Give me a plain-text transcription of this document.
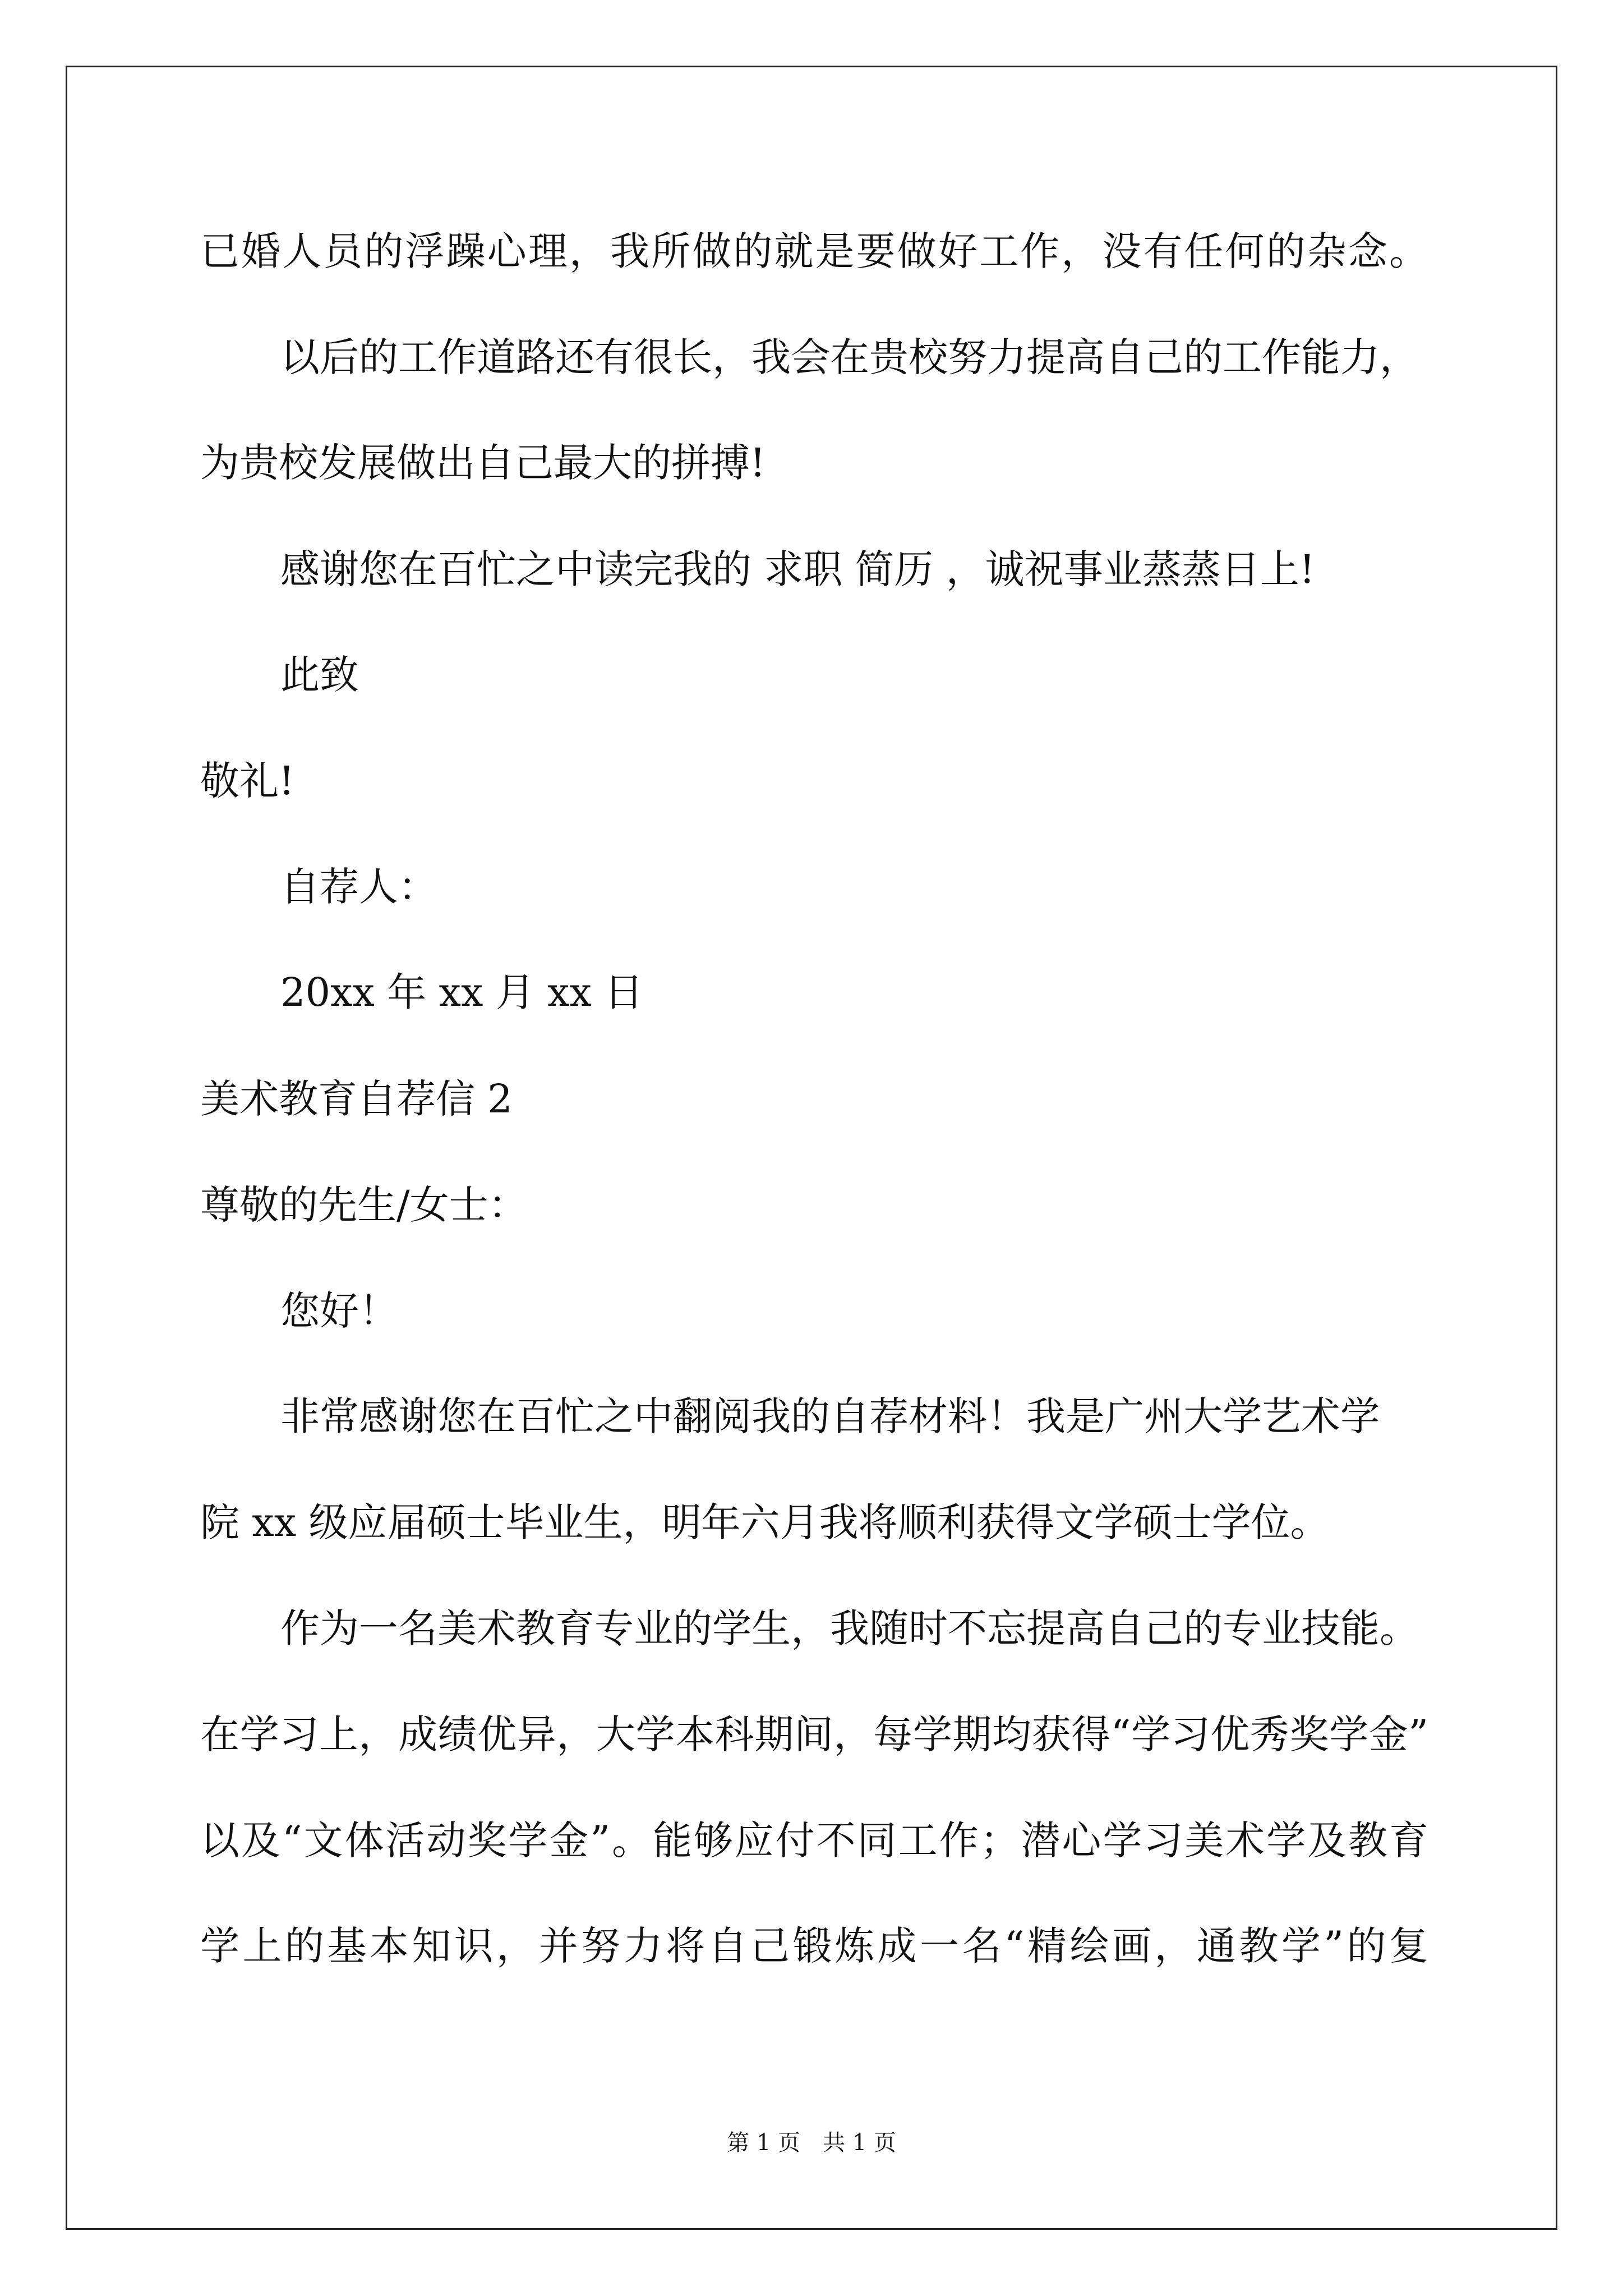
已婚人员的浮躁心理，我所做的就是要做好工作，没有任何的杂念。
以后的工作道路还有很长，我会在贵校努力提高自己的工作能力，
为贵校发展做出自己最大的拼搏!
感谢您在百忙之中读完我的 求职 简历 ，诚祝事业蒸蒸日上!
此致
敬礼!
自荐人：
20xx 年 xx 月 xx 日
美术教育自荐信 2
尊敬的先生/女士：
您好！
非常感谢您在百忙之中翻阅我的自荐材料！我是广州大学艺术学
院 xx 级应届硕士毕业生，明年六月我将顺利获得文学硕士学位。
作为一名美术教育专业的学生，我随时不忘提高自己的专业技能。
在学习上，成绩优异，大学本科期间，每学期均获得“学习优秀奖学金”
以及“文体活动奖学金”。能够应付不同工作；潜心学习美术学及教育
学上的基本知识，并努力将自己锻炼成一名“精绘画，通教学”的复
第 1 页　共 1 页
